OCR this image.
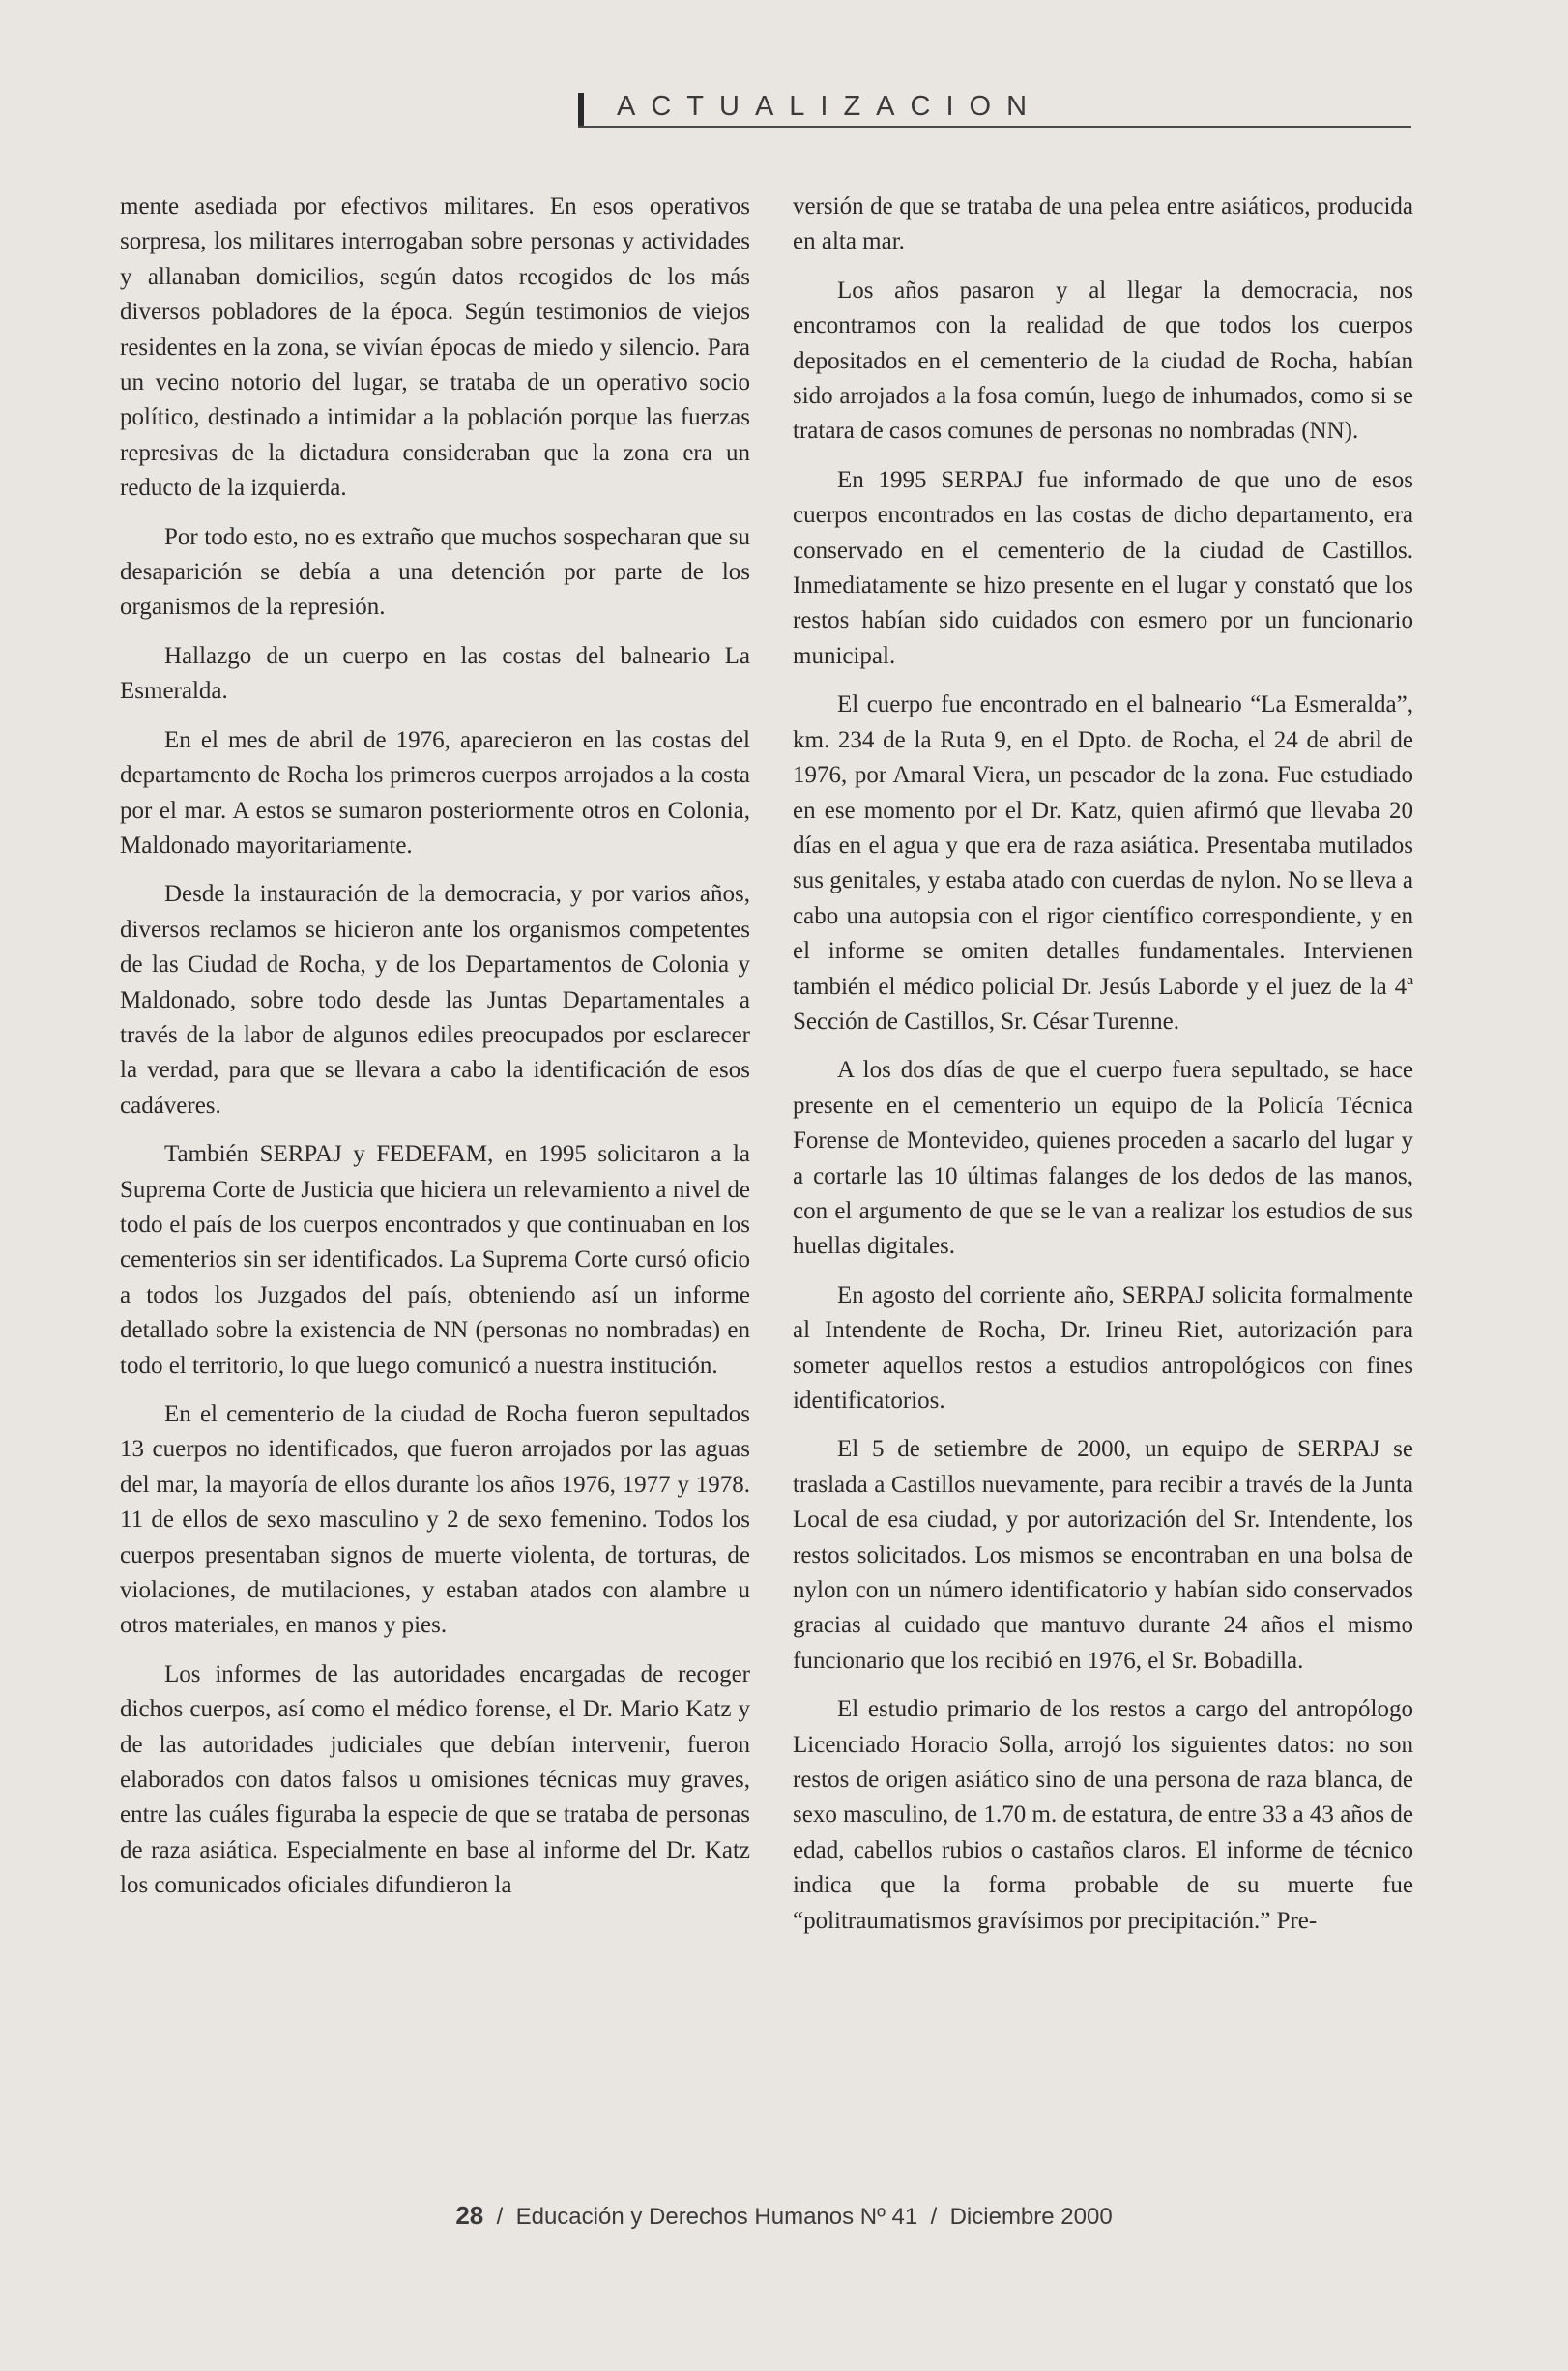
ACTUALIZACION

mente asediada por efectivos militares. En esos operativos sorpresa, los militares interrogaban sobre personas y actividades y allanaban domicilios, según datos recogidos de los más diversos pobladores de la época. Según testimonios de viejos residentes en la zona, se vivían épocas de miedo y silencio. Para un vecino notorio del lugar, se trataba de un operativo socio político, destinado a intimidar a la población porque las fuerzas represivas de la dictadura consideraban que la zona era un reducto de la izquierda.

Por todo esto, no es extraño que muchos sospecharan que su desaparición se debía a una detención por parte de los organismos de la represión.

Hallazgo de un cuerpo en las costas del balneario La Esmeralda.

En el mes de abril de 1976, aparecieron en las costas del departamento de Rocha los primeros cuerpos arrojados a la costa por el mar. A estos se sumaron posteriormente otros en Colonia, Maldonado mayoritariamente.

Desde la instauración de la democracia, y por varios años, diversos reclamos se hicieron ante los organismos competentes de las Ciudad de Rocha, y de los Departamentos de Colonia y Maldonado, sobre todo desde las Juntas Departamentales a través de la labor de algunos ediles preocupados por esclarecer la verdad, para que se llevara a cabo la identificación de esos cadáveres.

También SERPAJ y FEDEFAM, en 1995 solicitaron a la Suprema Corte de Justicia que hiciera un relevamiento a nivel de todo el país de los cuerpos encontrados y que continuaban en los cementerios sin ser identificados. La Suprema Corte cursó oficio a todos los Juzgados del país, obteniendo así un informe detallado sobre la existencia de NN (personas no nombradas) en todo el territorio, lo que luego comunicó a nuestra institución.

En el cementerio de la ciudad de Rocha fueron sepultados 13 cuerpos no identificados, que fueron arrojados por las aguas del mar, la mayoría de ellos durante los años 1976, 1977 y 1978. 11 de ellos de sexo masculino y 2 de sexo femenino. Todos los cuerpos presentaban signos de muerte violenta, de torturas, de violaciones, de mutilaciones, y estaban atados con alambre u otros materiales, en manos y pies.

Los informes de las autoridades encargadas de recoger dichos cuerpos, así como el médico forense, el Dr. Mario Katz y de las autoridades judiciales que debían intervenir, fueron elaborados con datos falsos u omisiones técnicas muy graves, entre las cuáles figuraba la especie de que se trataba de personas de raza asiática. Especialmente en base al informe del Dr. Katz los comunicados oficiales difundieron la

versión de que se trataba de una pelea entre asiáticos, producida en alta mar.

Los años pasaron y al llegar la democracia, nos encontramos con la realidad de que todos los cuerpos depositados en el cementerio de la ciudad de Rocha, habían sido arrojados a la fosa común, luego de inhumados, como si se tratara de casos comunes de personas no nombradas (NN).

En 1995 SERPAJ fue informado de que uno de esos cuerpos encontrados en las costas de dicho departamento, era conservado en el cementerio de la ciudad de Castillos. Inmediatamente se hizo presente en el lugar y constató que los restos habían sido cuidados con esmero por un funcionario municipal.

El cuerpo fue encontrado en el balneario “La Esmeralda”, km. 234 de la Ruta 9, en el Dpto. de Rocha, el 24 de abril de 1976, por Amaral Viera, un pescador de la zona. Fue estudiado en ese momento por el Dr. Katz, quien afirmó que llevaba 20 días en el agua y que era de raza asiática. Presentaba mutilados sus genitales, y estaba atado con cuerdas de nylon. No se lleva a cabo una autopsia con el rigor científico correspondiente, y en el informe se omiten detalles fundamentales. Intervienen también el médico policial Dr. Jesús Laborde y el juez de la 4ª Sección de Castillos, Sr. César Turenne.

A los dos días de que el cuerpo fuera sepultado, se hace presente en el cementerio un equipo de la Policía Técnica Forense de Montevideo, quienes proceden a sacarlo del lugar y a cortarle las 10 últimas falanges de los dedos de las manos, con el argumento de que se le van a realizar los estudios de sus huellas digitales.

En agosto del corriente año, SERPAJ solicita formalmente al Intendente de Rocha, Dr. Irineu Riet, autorización para someter aquellos restos a estudios antropológicos con fines identificatorios.

El 5 de setiembre de 2000, un equipo de SERPAJ se traslada a Castillos nuevamente, para recibir a través de la Junta Local de esa ciudad, y por autorización del Sr. Intendente, los restos solicitados. Los mismos se encontraban en una bolsa de nylon con un número identificatorio y habían sido conservados gracias al cuidado que mantuvo durante 24 años el mismo funcionario que los recibió en 1976, el Sr. Bobadilla.

El estudio primario de los restos a cargo del antropólogo Licenciado Horacio Solla, arrojó los siguientes datos: no son restos de origen asiático sino de una persona de raza blanca, de sexo masculino, de 1.70 m. de estatura, de entre 33 a 43 años de edad, cabellos rubios o castaños claros. El informe de técnico indica que la forma probable de su muerte fue “politraumatismos gravísimos por precipitación.” Pre-

28 / Educación y Derechos Humanos Nº 41 / Diciembre 2000
